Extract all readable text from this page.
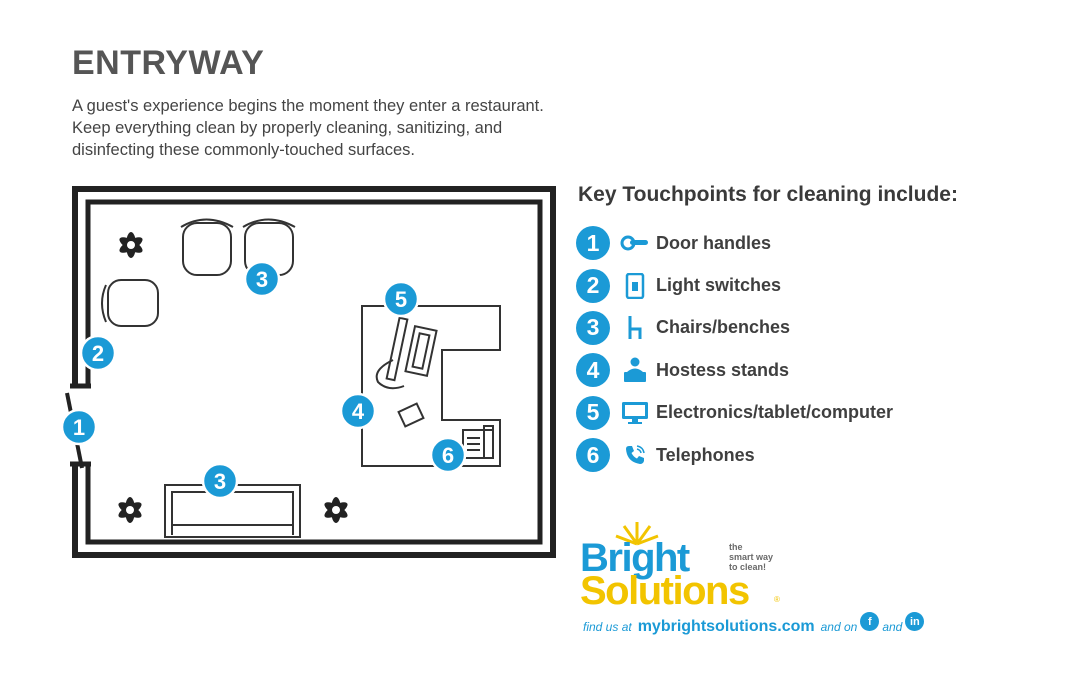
ENTRYWAY
A guest's experience begins the moment they enter a restaurant.
Keep everything clean by properly cleaning, sanitizing, and
disinfecting these commonly-touched surfaces.
1
2
3
3
4
5
6
Key Touchpoints for cleaning include:
1	Door handles
2	Light switches
3	Chairs/benches
4	Hostess stands
5	Electronics/tablet/computer
6	Telephones
Bright
Solutions
the
smart way
to clean!
®
find us at mybrightsolutions.com and on f and in
